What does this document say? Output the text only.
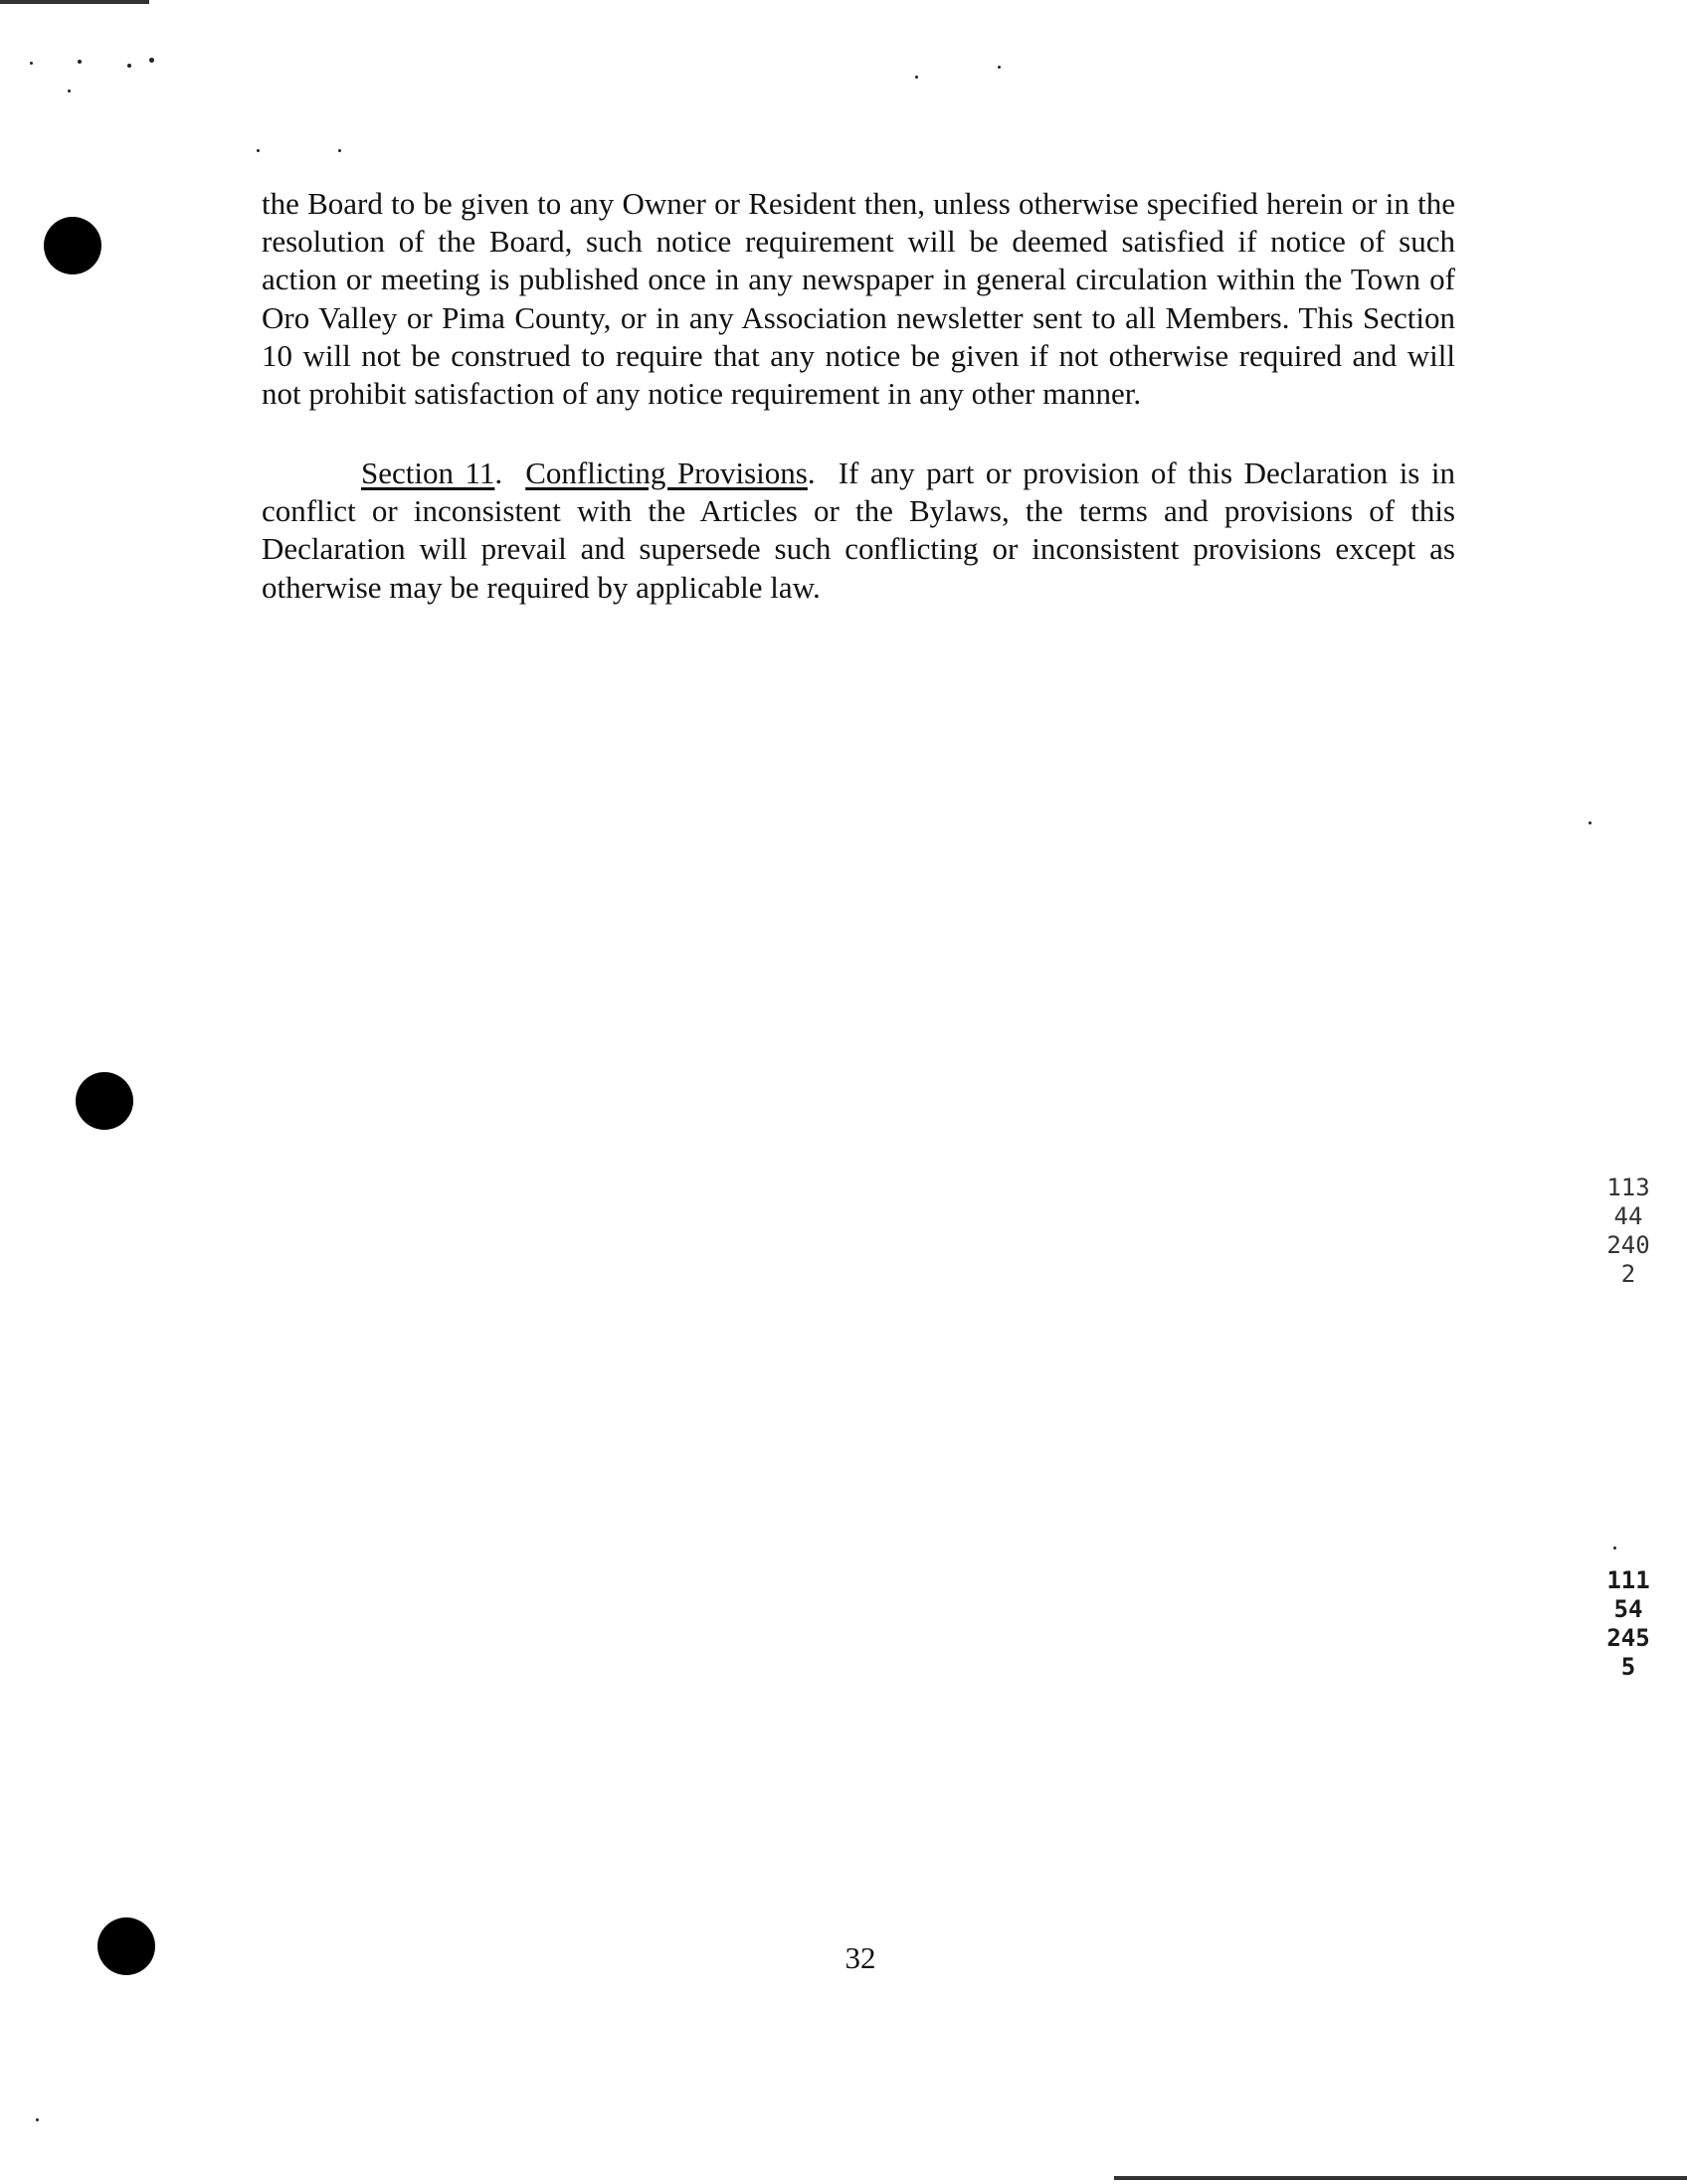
the Board to be given to any Owner or Resident then, unless otherwise specified herein or in the resolution of the Board, such notice requirement will be deemed satisfied if notice of such action or meeting is published once in any newspaper in general circulation within the Town of Oro Valley or Pima County, or in any Association newsletter sent to all Members. This Section 10 will not be construed to require that any notice be given if not otherwise required and will not prohibit satisfaction of any notice requirement in any other manner.

Section 11.  Conflicting Provisions.  If any part or provision of this Declaration is in conflict or inconsistent with the Articles or the Bylaws, the terms and provisions of this Declaration will prevail and supersede such conflicting or inconsistent provisions except as otherwise may be required by applicable law.

32
11344 2402
11154 2455
